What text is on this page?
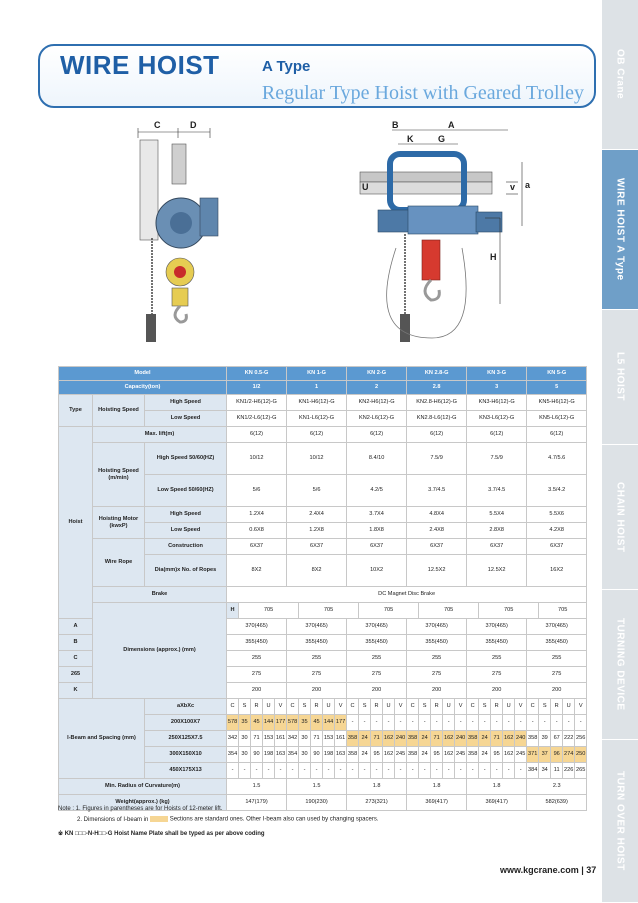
OB Crane
WIRE HOIST A Type
L5 HOIST
CHAIN HOIST
TURNING DEVICE
TURN OVER HOIST
WIRE HOIST	A Type
Regular Type Hoist with Geared Trolley
C	D	B	A
K	G
U	v a
H
Model			KN 0.5-G					KN 1-G					KN 2-G					KN 2.8-G					KN 3-G					KN 5-G				
Capacity(ton)			1/2					1					2					2.8					3					5				
Type	Hoisting Speed	High Speed	KN1/2-H6(12)-G					KN1-H6(12)-G					KN2-H6(12)-G					KN2.8-H6(12)-G					KN3-H6(12)-G					KN5-H6(12)-G				
		Low Speed	KN1/2-L6(12)-G					KN1-L6(12)-G					KN2-L6(12)-G					KN2.8-L6(12)-G					KN3-L6(12)-G					KN5-L6(12)-G				
Hoist	Max. lift(m)		6(12)					6(12)					6(12)					6(12)					6(12)					6(12)				
	Hoisting Speed (m/min)	High Speed 50/60(HZ)	10/12					10/12					8.4/10					7.5/9					7.5/9					4.7/5.6				
		Low Speed 50/60(HZ)	5/6					5/6					4.2/5					3.7/4.5					3.7/4.5					3.5/4.2				
	Hoisting Motor (kwxP)	High Speed	1.2X4					2.4X4					3.7X4					4.8X4					5.5X4					5.5X6				
		Low Speed	0.6X8					1.2X8					1.8X8					2.4X8					2.8X8					4.2X8				
	Wire Rope	Construction	6X37					6X37					6X37					6X37					6X37					6X37				
		Dia(mm)x No. of Ropes	8X2					8X2					10X2					12.5X2					12.5X2					16X2				
	Brake		DC Magnet Disc Brake																													
	Dimensions (approx.) (mm)		H	705					705					705					705					705					705			
A			370(465)					370(465)					370(465)					370(465)					370(465)					370(465)				
B			355(450)					355(450)					355(450)					355(450)					355(450)					355(450)				
C			255					255					255					255					255					255				
265			275					275					275					275					275					275				
K			200					200					200					200					200					200				
I-Beam and Spacing (mm)		aXbXc	C	S	R	U	V	C	S	R	U	V	C	S	R	U	V	C	S	R	U	V	C	S	R	U	V	C	S	R	U	V
		200X100X7	578	35	45	144	177	578	35	45	144	177	-	-	-	-	-	-	-	-	-	-	-	-	-	-	-	-	-	-	-	-
		250X125X7.5	342	30	71	153	161	342	30	71	153	161	358	24	71	162	240	358	24	71	162	240	358	24	71	162	240	358	39	67	222	256
		300X150X10	354	30	90	198	163	354	30	90	198	163	358	24	95	162	245	358	24	95	162	245	358	24	95	162	245	371	37	96	274	250
		450X175X13	-	-	-	-	-	-	-	-	-	-	-	-	-	-	-	-	-	-	-	-	-	-	-	-	-	384	34	11	226	265
Min. Radius of Curvature(m)			1.5					1.5					1.8					1.8					1.8					2.3				
Weight(approx.) (kg)			147(179)					190(230)					273(321)					369(417)					369(417)					582(639)				
Note : 1. Figures in parentheses are for Hoists of 12-meter lift.
2. Dimensions of I-beam in	Sections are standard ones. Other I-beam also can used by changing spacers.
※ KN □□□-N-H□□-G Hoist Name Plate shall be typed as per above coding
www.kgcrane.com | 37
